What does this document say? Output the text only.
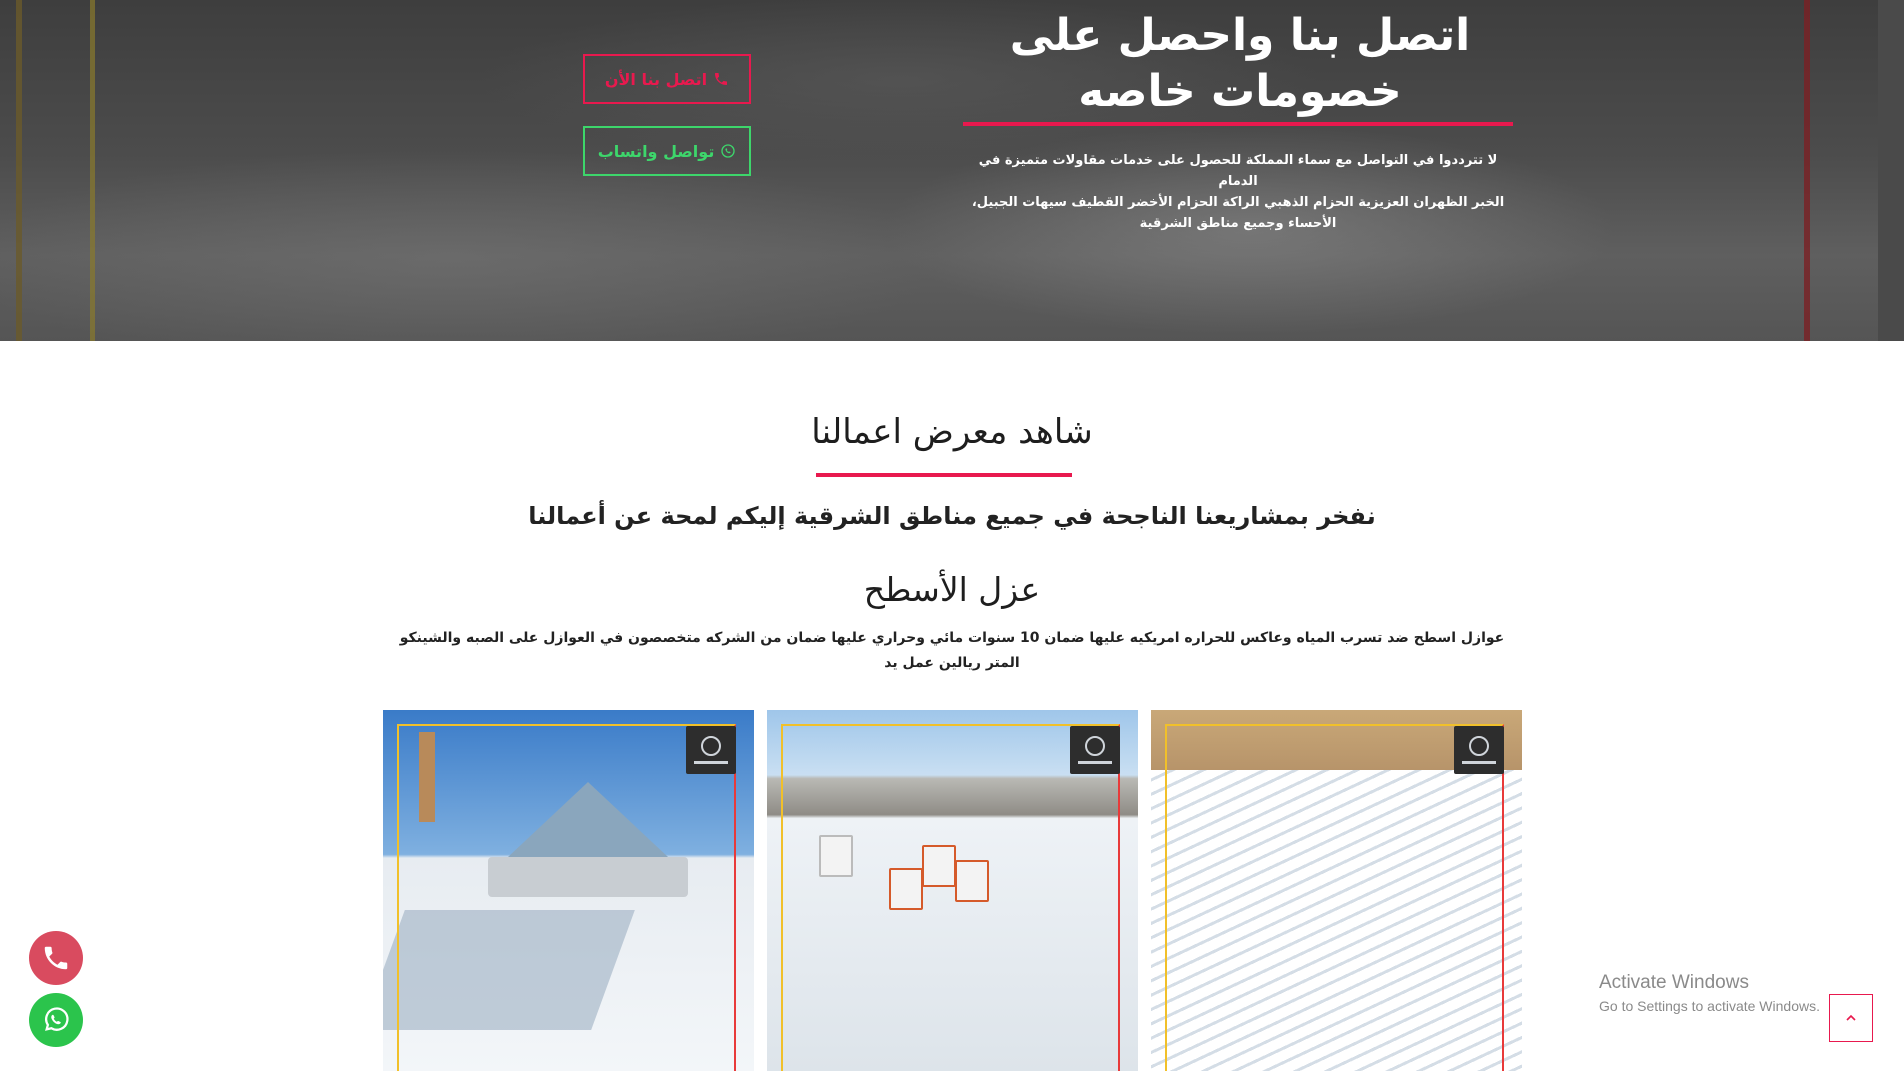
اتصل بنا واحصل على
خصومات خاصه

لا تترددوا في التواصل مع سماء المملكة للحصول على خدمات مقاولات متميزة في الدمام
الخبر الظهران العزيزية الحزام الذهبي الراكة الحزام الأخضر القطيف سيهات الجبيل،
الأحساء وجميع مناطق الشرقية

اتصل بنا الأن
تواصل واتساب
شاهد معرض اعمالنا

نفخر بمشاريعنا الناجحة في جميع مناطق الشرقية إليكم لمحة عن أعمالنا

عزل الأسطح

عوازل اسطح ضد تسرب المياه وعاكس للحراره امريكيه عليها ضمان 10 سنوات مائي وحراري عليها ضمان من الشركه متخصصون في العوازل على الصبه والشينكو
المتر ريالين عمل يد

Activate Windows
Go to Settings to activate Windows.
